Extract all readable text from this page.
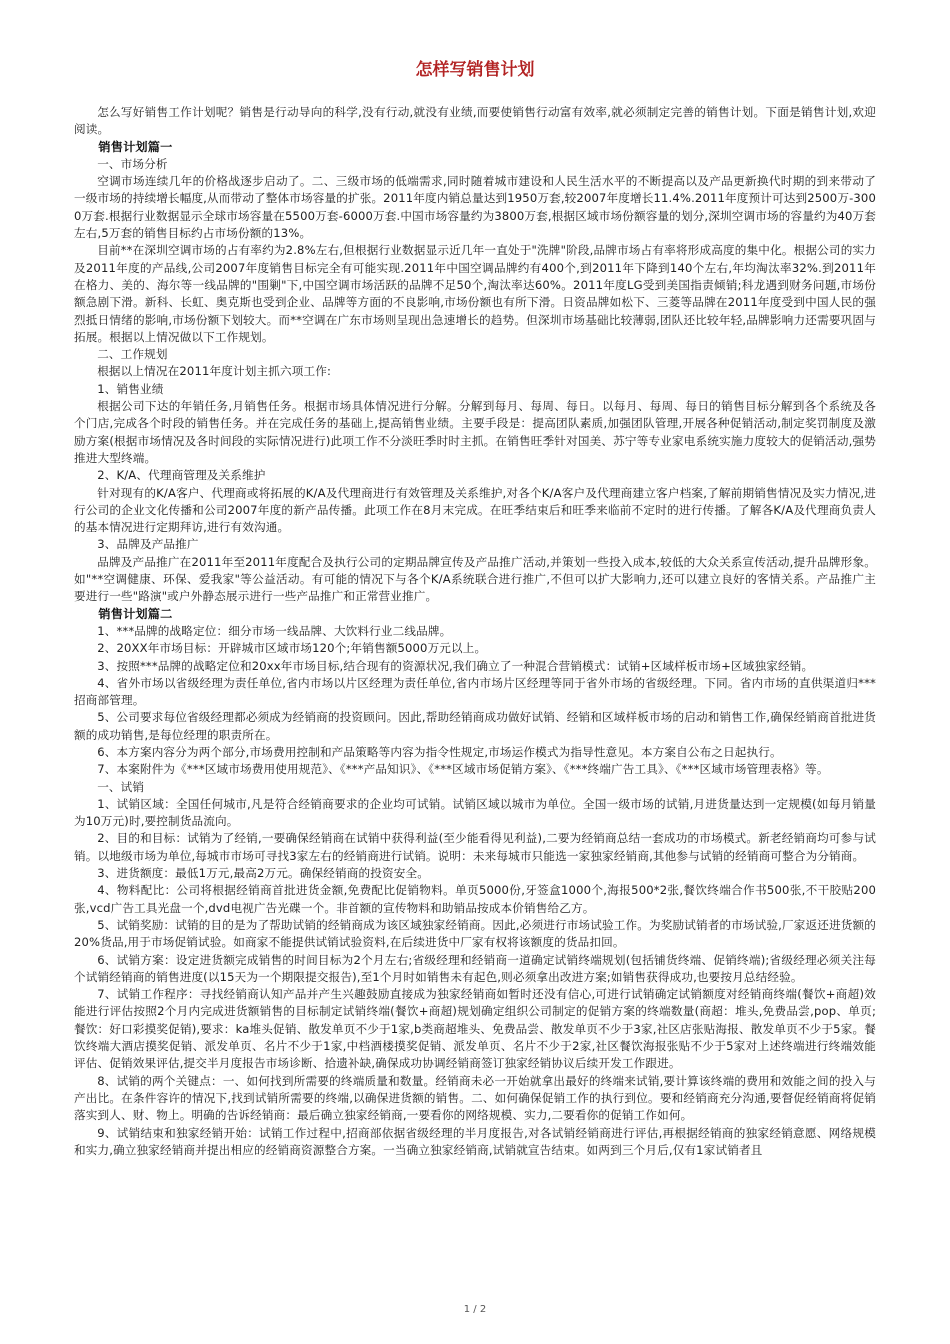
怎样写销售计划

怎么写好销售工作计划呢？销售是行动导向的科学,没有行动,就没有业绩,而要使销售行动富有效率,就必须制定完善的销售计划。下面是销售计划,欢迎阅读。

销售计划篇一

一、市场分析

空调市场连续几年的价格战逐步启动了。二、三级市场的低端需求,同时随着城市建设和人民生活水平的不断提高以及产品更新换代时期的到来带动了一级市场的持续增长幅度,从而带动了整体市场容量的扩张。2011年度内销总量达到1950万套,较2007年度增长11.4%.2011年度预计可达到2500万-3000万套.根据行业数据显示全球市场容量在5500万套-6000万套.中国市场容量约为3800万套,根据区域市场份额容量的划分,深圳空调市场的容量约为40万套左右,5万套的销售目标约占市场份额的13%。

目前**在深圳空调市场的占有率约为2.8%左右,但根据行业数据显示近几年一直处于"洗牌"阶段,品牌市场占有率将形成高度的集中化。根据公司的实力及2011年度的产品线,公司2007年度销售目标完全有可能实现.2011年中国空调品牌约有400个,到2011年下降到140个左右,年均淘汰率32%.到2011年在格力、美的、海尔等一线品牌的"围剿"下,中国空调市场活跃的品牌不足50个,淘汰率达60%。2011年度LG受到美国指责倾销;科龙遇到财务问题,市场份额急剧下滑。新科、长虹、奥克斯也受到企业、品牌等方面的不良影响,市场份额也有所下滑。日资品牌如松下、三菱等品牌在2011年度受到中国人民的强烈抵日情绪的影响,市场份额下划较大。而**空调在广东市场则呈现出急速增长的趋势。但深圳市场基础比较薄弱,团队还比较年轻,品牌影响力还需要巩固与拓展。根据以上情况做以下工作规划。

二、工作规划

根据以上情况在2011年度计划主抓六项工作:

1、销售业绩

根据公司下达的年销任务,月销售任务。根据市场具体情况进行分解。分解到每月、每周、每日。以每月、每周、每日的销售目标分解到各个系统及各个门店,完成各个时段的销售任务。并在完成任务的基础上,提高销售业绩。主要手段是：提高团队素质,加强团队管理,开展各种促销活动,制定奖罚制度及激励方案(根据市场情况及各时间段的实际情况进行)此项工作不分淡旺季时时主抓。在销售旺季针对国美、苏宁等专业家电系统实施力度较大的促销活动,强势推进大型终端。

2、K/A、代理商管理及关系维护

针对现有的K/A客户、代理商或将拓展的K/A及代理商进行有效管理及关系维护,对各个K/A客户及代理商建立客户档案,了解前期销售情况及实力情况,进行公司的企业文化传播和公司2007年度的新产品传播。此项工作在8月末完成。在旺季结束后和旺季来临前不定时的进行传播。了解各K/A及代理商负责人的基本情况进行定期拜访,进行有效沟通。

3、品牌及产品推广

品牌及产品推广在2011年至2011年度配合及执行公司的定期品牌宣传及产品推广活动,并策划一些投入成本,较低的大众关系宣传活动,提升品牌形象。如"**空调健康、环保、爱我家"等公益活动。有可能的情况下与各个K/A系统联合进行推广,不但可以扩大影响力,还可以建立良好的客情关系。产品推广主要进行一些"路演"或户外静态展示进行一些产品推广和正常营业推广。

销售计划篇二

1、***品牌的战略定位：细分市场一线品牌、大饮料行业二线品牌。

2、20XX年市场目标：开辟城市区域市场120个;年销售额5000万元以上。

3、按照***品牌的战略定位和20xx年市场目标,结合现有的资源状况,我们确立了一种混合营销模式：试销+区域样板市场+区域独家经销。

4、省外市场以省级经理为责任单位,省内市场以片区经理为责任单位,省内市场片区经理等同于省外市场的省级经理。下同。省内市场的直供渠道归***招商部管理。

5、公司要求每位省级经理都必须成为经销商的投资顾问。因此,帮助经销商成功做好试销、经销和区域样板市场的启动和销售工作,确保经销商首批进货额的成功销售,是每位经理的职责所在。

6、本方案内容分为两个部分,市场费用控制和产品策略等内容为指令性规定,市场运作模式为指导性意见。本方案自公布之日起执行。

7、本案附件为《***区域市场费用使用规范》、《***产品知识》、《***区域市场促销方案》、《***终端广告工具》、《***区域市场管理表格》等。

一、试销

1、试销区域：全国任何城市,凡是符合经销商要求的企业均可试销。试销区域以城市为单位。全国一级市场的试销,月进货量达到一定规模(如每月销量为10万元)时,要控制货品流向。

2、目的和目标：试销为了经销,一要确保经销商在试销中获得利益(至少能看得见利益),二要为经销商总结一套成功的市场模式。新老经销商均可参与试销。以地级市场为单位,每城市市场可寻找3家左右的经销商进行试销。说明：未来每城市只能选一家独家经销商,其他参与试销的经销商可整合为分销商。

3、进货额度：最低1万元,最高2万元。确保经销商的投资安全。

4、物料配比：公司将根据经销商首批进货金额,免费配比促销物料。单页5000份,牙签盒1000个,海报500*2张,餐饮终端合作书500张,不干胶贴200张,vcd广告工具光盘一个,dvd电视广告光碟一个。非首额的宣传物料和助销品按成本价销售给乙方。

5、试销奖励：试销的目的是为了帮助试销的经销商成为该区域独家经销商。因此,必须进行市场试验工作。为奖励试销者的市场试验,厂家返还进货额的20%货品,用于市场促销试验。如商家不能提供试销试验资料,在后续进货中厂家有权将该额度的货品扣回。

6、试销方案：设定进货额完成销售的时间目标为2个月左右;省级经理和经销商一道确定试销终端规划(包括铺货终端、促销终端);省级经理必须关注每个试销经销商的销售进度(以15天为一个期限提交报告),至1个月时如销售未有起色,则必须拿出改进方案;如销售获得成功,也要按月总结经验。

7、试销工作程序：寻找经销商认知产品并产生兴趣鼓励直接成为独家经销商如暂时还没有信心,可进行试销确定试销额度对经销商终端(餐饮+商超)效能进行评估按照2个月内完成进货额销售的目标制定试销终端(餐饮+商超)规划确定组织公司制定的促销方案的终端数量(商超：堆头,免费品尝,pop、单页;餐饮：好口彩摸奖促销),要求：ka堆头促销、散发单页不少于1家,b类商超堆头、免费品尝、散发单页不少于3家,社区店张贴海报、散发单页不少于5家。餐饮终端大酒店摸奖促销、派发单页、名片不少于1家,中档酒楼摸奖促销、派发单页、名片不少于2家,社区餐饮海报张贴不少于5家对上述终端进行终端效能评估、促销效果评估,提交半月度报告市场诊断、拾遗补缺,确保成功协调经销商签订独家经销协议后续开发工作跟进。

8、试销的两个关键点：一、如何找到所需要的终端质量和数量。经销商未必一开始就拿出最好的终端来试销,要计算该终端的费用和效能之间的投入与产出比。在条件容许的情况下,找到试销所需要的终端,以确保进货额的销售。二、如何确保促销工作的执行到位。要和经销商充分沟通,要督促经销商将促销落实到人、财、物上。明确的告诉经销商：最后确立独家经销商,一要看你的网络规模、实力,二要看你的促销工作如何。

9、试销结束和独家经销开始：试销工作过程中,招商部依据省级经理的半月度报告,对各试销经销商进行评估,再根据经销商的独家经销意愿、网络规模和实力,确立独家经销商并提出相应的经销商资源整合方案。一当确立独家经销商,试销就宣告结束。如两到三个月后,仅有1家试销者且

1 / 2
